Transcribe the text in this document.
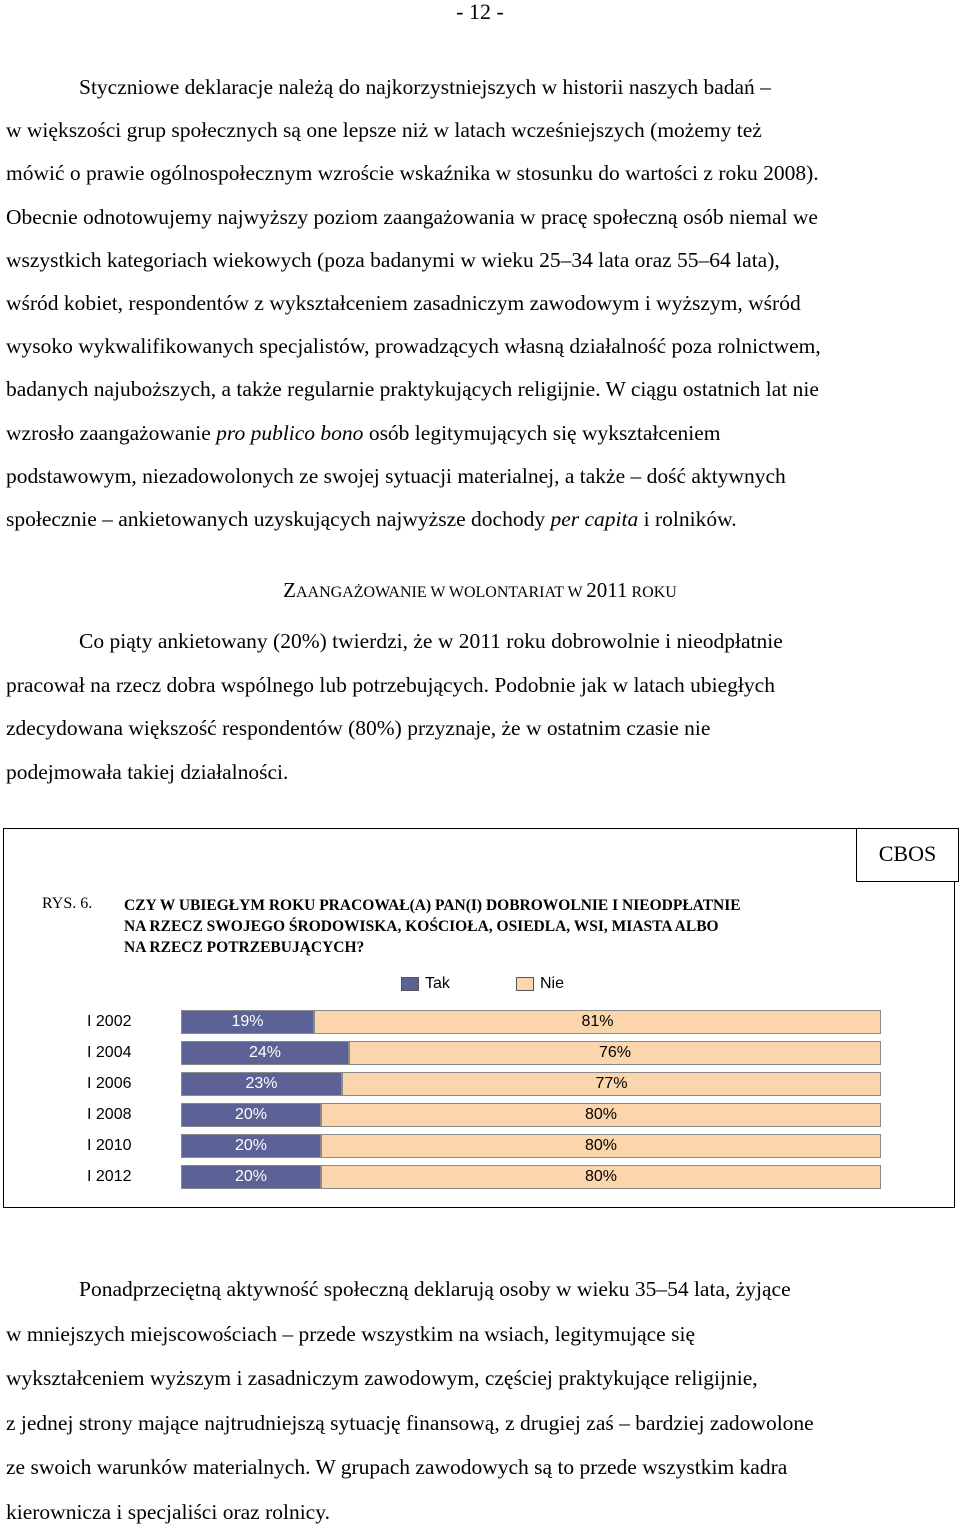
- 12 -

Styczniowe deklaracje należą do najkorzystniejszych w historii naszych badań –

w większości grup społecznych są one lepsze niż w latach wcześniejszych (możemy też

mówić o prawie ogólnospołecznym wzroście wskaźnika w stosunku do wartości z roku 2008).

Obecnie odnotowujemy najwyższy poziom zaangażowania w pracę społeczną osób niemal we

wszystkich kategoriach wiekowych (poza badanymi w wieku 25–34 lata oraz 55–64 lata),

wśród kobiet, respondentów z wykształceniem zasadniczym zawodowym i wyższym, wśród

wysoko wykwalifikowanych specjalistów, prowadzących własną działalność poza rolnictwem,

badanych najuboższych, a także regularnie praktykujących religijnie. W ciągu ostatnich lat nie

wzrosło zaangażowanie pro publico bono osób legitymujących się wykształceniem

podstawowym, niezadowolonych ze swojej sytuacji materialnej, a także – dość aktywnych

społecznie – ankietowanych uzyskujących najwyższe dochody per capita i rolników.

ZAANGAŻOWANIE W WOLONTARIAT W 2011 ROKU

Co piąty ankietowany (20%) twierdzi, że w 2011 roku dobrowolnie i nieodpłatnie

pracował na rzecz dobra wspólnego lub potrzebujących. Podobnie jak w latach ubiegłych

zdecydowana większość respondentów (80%) przyznaje, że w ostatnim czasie nie

podejmowała takiej działalności.

CBOS
RYS. 6. CZY W UBIEGŁYM ROKU PRACOWAŁ(A) PAN(I) DOBROWOLNIE I NIEODPŁATNIE
NA RZECZ SWOJEGO ŚRODOWISKA, KOŚCIOŁA, OSIEDLA, WSI, MIASTA ALBO
NA RZECZ POTRZEBUJĄCYCH?
Tak	Nie
I 2002	19%	81%
I 2004	24%	76%
I 2006	23%	77%
I 2008	20%	80%
I 2010	20%	80%
I 2012	20%	80%

Ponadprzeciętną aktywność społeczną deklarują osoby w wieku 35–54 lata, żyjące

w mniejszych miejscowościach – przede wszystkim na wsiach, legitymujące się

wykształceniem wyższym i zasadniczym zawodowym, częściej praktykujące religijnie,

z jednej strony mające najtrudniejszą sytuację finansową, z drugiej zaś – bardziej zadowolone

ze swoich warunków materialnych. W grupach zawodowych są to przede wszystkim kadra

kierownicza i specjaliści oraz rolnicy.
